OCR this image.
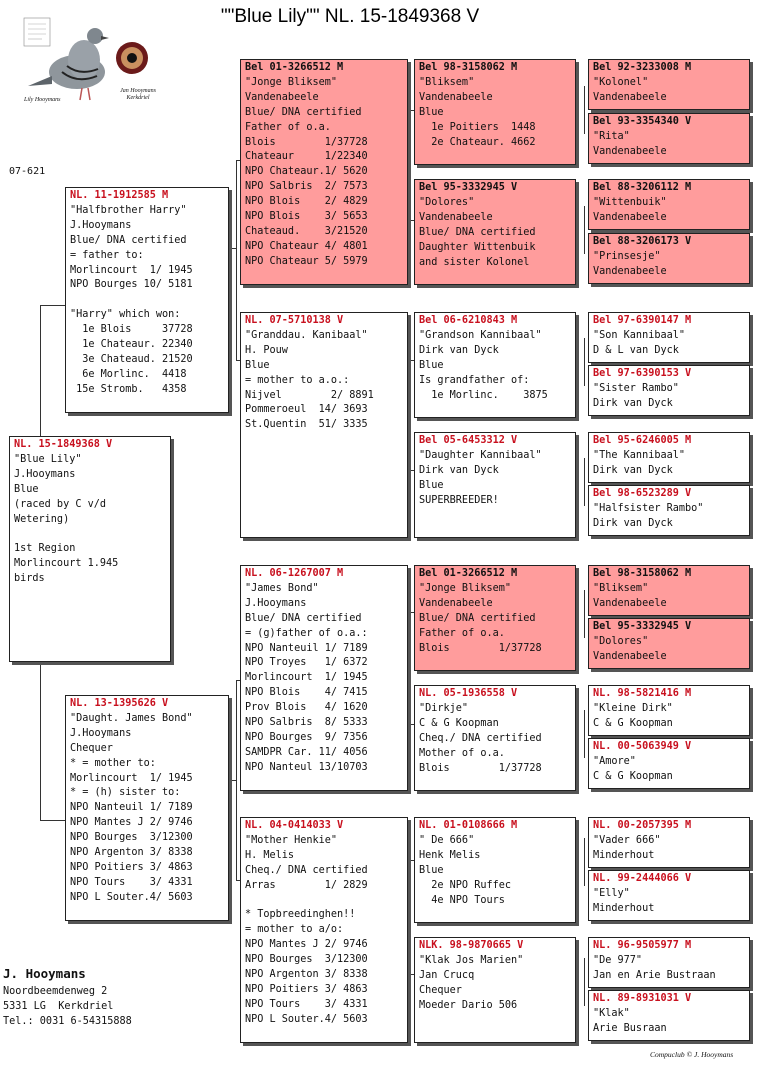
""Blue Lily"" NL. 15-1849368 V
Lily Hooymans
Jan Hooymans Kerkdriel
07-621
NL. 15-1849368 V
"Blue Lily"
J.Hooymans
Blue
(raced by C v/d
Wetering)

1st Region
Morlincourt 1.945
birds
NL. 11-1912585 M
"Halfbrother Harry"
J.Hooymans
Blue/ DNA certified
= father to:
Morlincourt  1/ 1945
NPO Bourges 10/ 5181

"Harry" which won:
1e Blois     37728
1e Chateaur. 22340
3e Chateaud. 21520
6e Morlinc.  4418
15e Stromb.   4358
NL. 13-1395626 V
"Daught. James Bond"
J.Hooymans
Chequer
* = mother to:
Morlincourt  1/ 1945
* = (h) sister to:
NPO Nanteuil 1/ 7189
NPO Mantes J 2/ 9746
NPO Bourges  3/12300
NPO Argenton 3/ 8338
NPO Poitiers 3/ 4863
NPO Tours    3/ 4331
NPO L Souter.4/ 5603
Bel 01-3266512 M
"Jonge Bliksem"
Vandenabeele
Blue/ DNA certified
Father of o.a.
Blois        1/37728
Chateaur     1/22340
NPO Chateaur.1/ 5620
NPO Salbris  2/ 7573
NPO Blois    2/ 4829
NPO Blois    3/ 5653
Chateaud.    3/21520
NPO Chateaur 4/ 4801
NPO Chateaur 5/ 5979
NL. 07-5710138 V
"Granddau. Kanibaal"
H. Pouw
Blue
= mother to a.o.:
Nijvel        2/ 8891
Pommeroeul  14/ 3693
St.Quentin  51/ 3335
NL. 06-1267007 M
"James Bond"
J.Hooymans
Blue/ DNA certified
= (g)father of o.a.:
NPO Nanteuil 1/ 7189
NPO Troyes   1/ 6372
Morlincourt  1/ 1945
NPO Blois    4/ 7415
Prov Blois   4/ 1620
NPO Salbris  8/ 5333
NPO Bourges  9/ 7356
SAMDPR Car. 11/ 4056
NPO Nanteul 13/10703
NL. 04-0414033 V
"Mother Henkie"
H. Melis
Cheq./ DNA certified
Arras        1/ 2829

* Topbreedinghen!!
= mother to a/o:
NPO Mantes J 2/ 9746
NPO Bourges  3/12300
NPO Argenton 3/ 8338
NPO Poitiers 3/ 4863
NPO Tours    3/ 4331
NPO L Souter.4/ 5603
Bel 98-3158062 M
"Bliksem"
Vandenabeele
Blue
1e Poitiers  1448
2e Chateaur. 4662
Bel 95-3332945 V
"Dolores"
Vandenabeele
Blue/ DNA certified
Daughter Wittenbuik
and sister Kolonel
Bel 06-6210843 M
"Grandson Kannibaal"
Dirk van Dyck
Blue
Is grandfather of:
1e Morlinc.    3875
Bel 05-6453312 V
"Daughter Kannibaal"
Dirk van Dyck
Blue
SUPERBREEDER!
Bel 01-3266512 M
"Jonge Bliksem"
Vandenabeele
Blue/ DNA certified
Father of o.a.
Blois        1/37728
NL. 05-1936558 V
"Dirkje"
C & G Koopman
Cheq./ DNA certified
Mother of o.a.
Blois        1/37728
NL. 01-0108666 M
" De 666"
Henk Melis
Blue
2e NPO Ruffec
4e NPO Tours
NLK. 98-9870665 V
"Klak Jos Marien"
Jan Crucq
Chequer
Moeder Dario 506
Bel 92-3233008 M
"Kolonel"
Vandenabeele
Bel 93-3354340 V
"Rita"
Vandenabeele
Bel 88-3206112 M
"Wittenbuik"
Vandenabeele
Bel 88-3206173 V
"Prinsesje"
Vandenabeele
Bel 97-6390147 M
"Son Kannibaal"
D & L van Dyck
Bel 97-6390153 V
"Sister Rambo"
Dirk van Dyck
Bel 95-6246005 M
"The Kannibaal"
Dirk van Dyck
Bel 98-6523289 V
"Halfsister Rambo"
Dirk van Dyck
Bel 98-3158062 M
"Bliksem"
Vandenabeele
Bel 95-3332945 V
"Dolores"
Vandenabeele
NL. 98-5821416 M
"Kleine Dirk"
C & G Koopman
NL. 00-5063949 V
"Amore"
C & G Koopman
NL. 00-2057395 M
"Vader 666"
Minderhout
NL. 99-2444066 V
"Elly"
Minderhout
NL. 96-9505977 M
"De 977"
Jan en Arie Bustraan
NL. 89-8931031 V
"Klak"
Arie Busraan
J. Hooymans
Noordbeemdenweg 2
5331 LG  Kerkdriel
Tel.: 0031 6-54315888
Compuclub © J. Hooymans
